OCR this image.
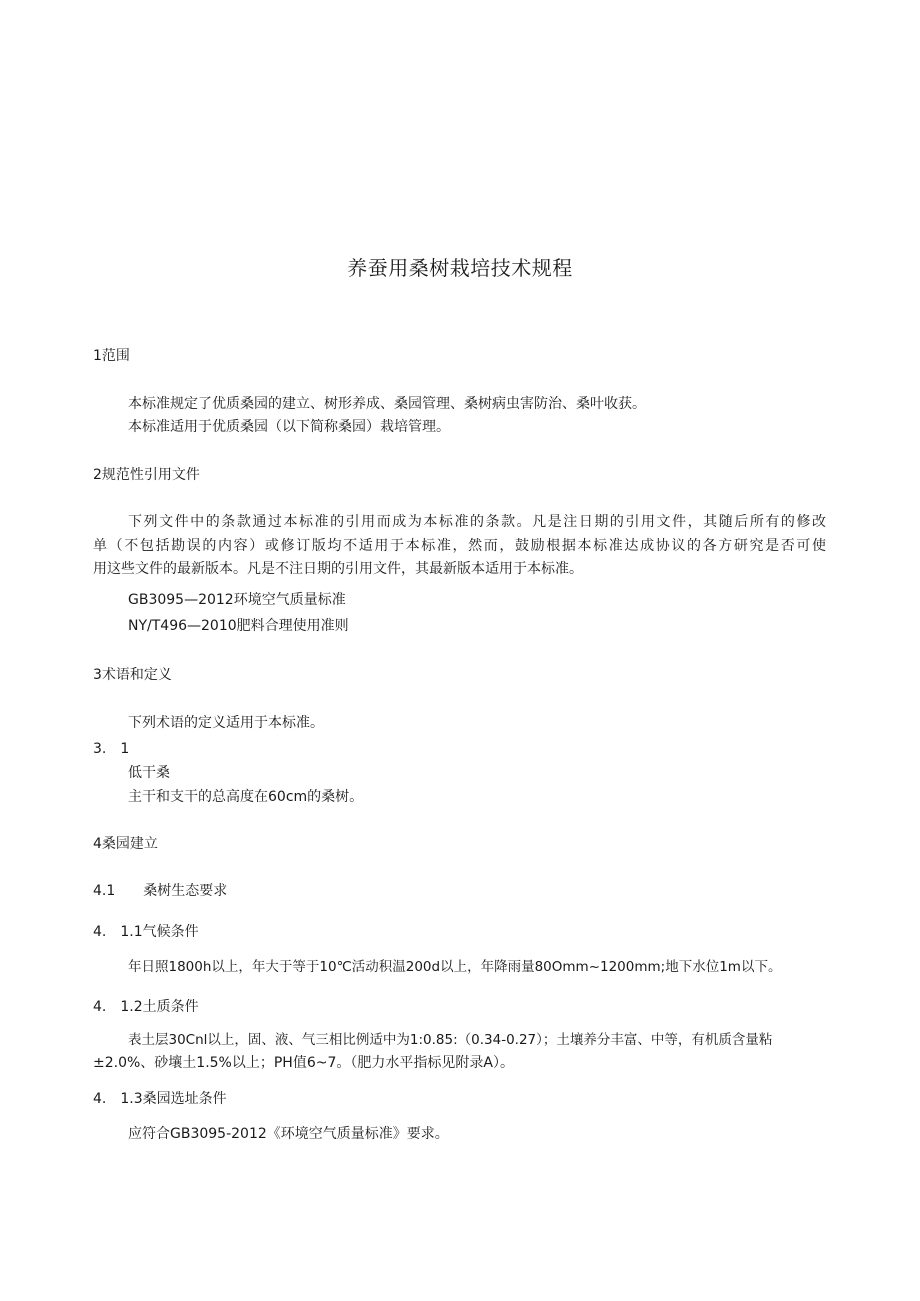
养蚕用桑树栽培技术规程
1范围
本标准规定了优质桑园的建立、树形养成、桑园管理、桑树病虫害防治、桑叶收获。
本标准适用于优质桑园（以下简称桑园）栽培管理。
2规范性引用文件
下列文件中的条款通过本标准的引用而成为本标准的条款。凡是注日期的引用文件，其随后所有的修改
单（不包括勘误的内容）或修订版均不适用于本标准，然而，鼓励根据本标准达成协议的各方研究是否可使
用这些文件的最新版本。凡是不注日期的引用文件，其最新版本适用于本标准。
GB3095—2012环境空气质量标准
NY/T496—2010肥料合理使用准则
3术语和定义
下列术语的定义适用于本标准。
3.　1
低干桑
主干和支干的总高度在60cm的桑树。
4桑园建立
4.1　　桑树生态要求
4.　1.1气候条件
年日照1800h以上，年大于等于10℃活动积温200d以上，年降雨量80Omm~1200mm;地下水位1m以下。
4.　1.2土质条件
表土层30Cnl以上，固、液、气三相比例适中为1:0.85:（0.34-0.27）；土壤养分丰富、中等，有机质含量粘
±2.0%、砂壤土1.5%以上；PH值6~7。（肥力水平指标见附录A）。
4.　1.3桑园选址条件
应符合GB3095-2012《环境空气质量标准》要求。
